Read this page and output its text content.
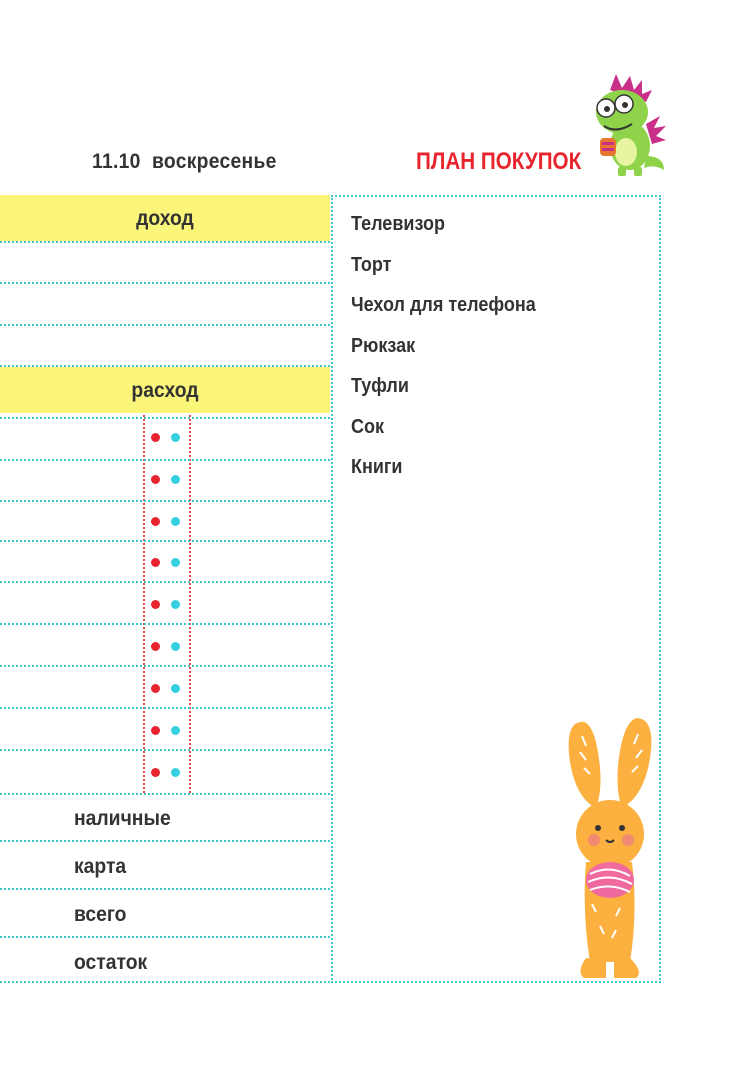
11.10 воскресенье	ПЛАН ПОКУПОК
доход
расход
наличные
карта
всего
остаток
Телевизор
Торт
Чехол для телефона
Рюкзак
Туфли
Сок
Книги
